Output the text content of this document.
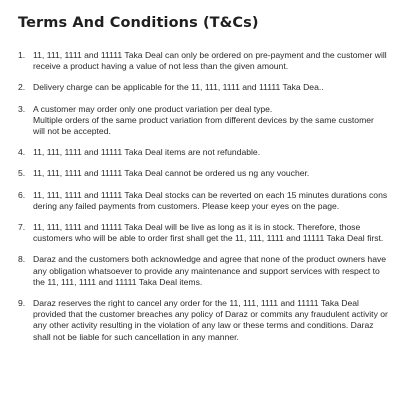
Terms And Conditions (T&Cs)
1. 11, 111, 1111 and 11111 Taka Deal can only be ordered on pre-payment and the customer will receive a product having a value of not less than the given amount.
2. Delivery charge can be applicable for the 11, 111, 1111 and 11111 Taka Dea..
3. A customer may order only one product variation per deal type.
Multiple orders of the same product variation from different devices by the same customer will not be accepted.
4. 11, 111, 1111 and 11111 Taka Deal items are not refundable.
5. 11, 111, 1111 and 11111 Taka Deal cannot be ordered us ng any voucher.
6. 11, 111, 1111 and 11111 Taka Deal stocks can be reverted on each 15 minutes durations cons dering any failed payments from customers. Please keep your eyes on the page.
7. 11, 111, 1111 and 11111 Taka Deal will be live as long as it is in stock. Therefore, those customers who will be able to order first shall get the 11, 111, 1111 and 11111 Taka Deal first.
8. Daraz and the customers both acknowledge and agree that none of the product owners have any obligation whatsoever to provide any maintenance and support services with respect to the 11, 111, 1111 and 11111 Taka Deal items.
9. Daraz reserves the right to cancel any order for the 11, 111, 1111 and 11111 Taka Deal provided that the customer breaches any policy of Daraz or commits any fraudulent activity or any other activity resulting in the violation of any law or these terms and conditions. Daraz shall not be liable for such cancellation in any manner.
